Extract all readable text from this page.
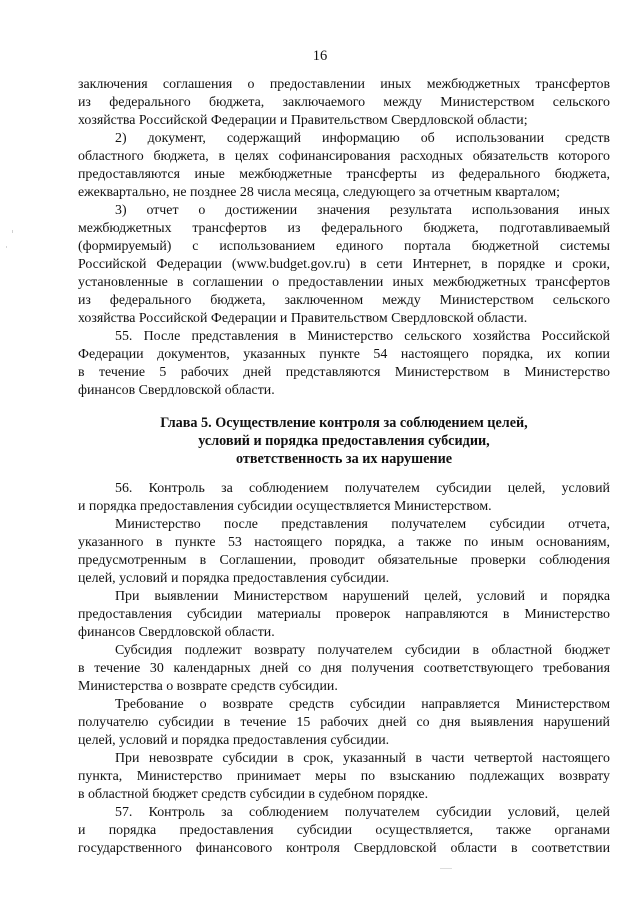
16
заключения соглашения о предоставлении иных межбюджетных трансфертов
из федерального бюджета, заключаемого между Министерством сельского
хозяйства Российской Федерации и Правительством Свердловской области;
2) документ, содержащий информацию об использовании средств
областного бюджета, в целях софинансирования расходных обязательств которого
предоставляются иные межбюджетные трансферты из федерального бюджета,
ежеквартально, не позднее 28 числа месяца, следующего за отчетным кварталом;
3) отчет о достижении значения результата использования иных
межбюджетных трансфертов из федерального бюджета, подготавливаемый
(формируемый) с использованием единого портала бюджетной системы
Российской Федерации (www.budget.gov.ru) в сети Интернет, в порядке и сроки,
установленные в соглашении о предоставлении иных межбюджетных трансфертов
из федерального бюджета, заключенном между Министерством сельского
хозяйства Российской Федерации и Правительством Свердловской области.
55. После представления в Министерство сельского хозяйства Российской
Федерации документов, указанных пункте 54 настоящего порядка, их копии
в течение 5 рабочих дней представляются Министерством в Министерство
финансов Свердловской области.
Глава 5. Осуществление контроля за соблюдением целей,
условий и порядка предоставления субсидии,
ответственность за их нарушение
56. Контроль за соблюдением получателем субсидии целей, условий
и порядка предоставления субсидии осуществляется Министерством.
Министерство после представления получателем субсидии отчета,
указанного в пункте 53 настоящего порядка, а также по иным основаниям,
предусмотренным в Соглашении, проводит обязательные проверки соблюдения
целей, условий и порядка предоставления субсидии.
При выявлении Министерством нарушений целей, условий и порядка
предоставления субсидии материалы проверок направляются в Министерство
финансов Свердловской области.
Субсидия подлежит возврату получателем субсидии в областной бюджет
в течение 30 календарных дней со дня получения соответствующего требования
Министерства о возврате средств субсидии.
Требование о возврате средств субсидии направляется Министерством
получателю субсидии в течение 15 рабочих дней со дня выявления нарушений
целей, условий и порядка предоставления субсидии.
При невозврате субсидии в срок, указанный в части четвертой настоящего
пункта, Министерство принимает меры по взысканию подлежащих возврату
в областной бюджет средств субсидии в судебном порядке.
57. Контроль за соблюдением получателем субсидии условий, целей
и порядка предоставления субсидии осуществляется, также органами
государственного финансового контроля Свердловской области в соответствии
